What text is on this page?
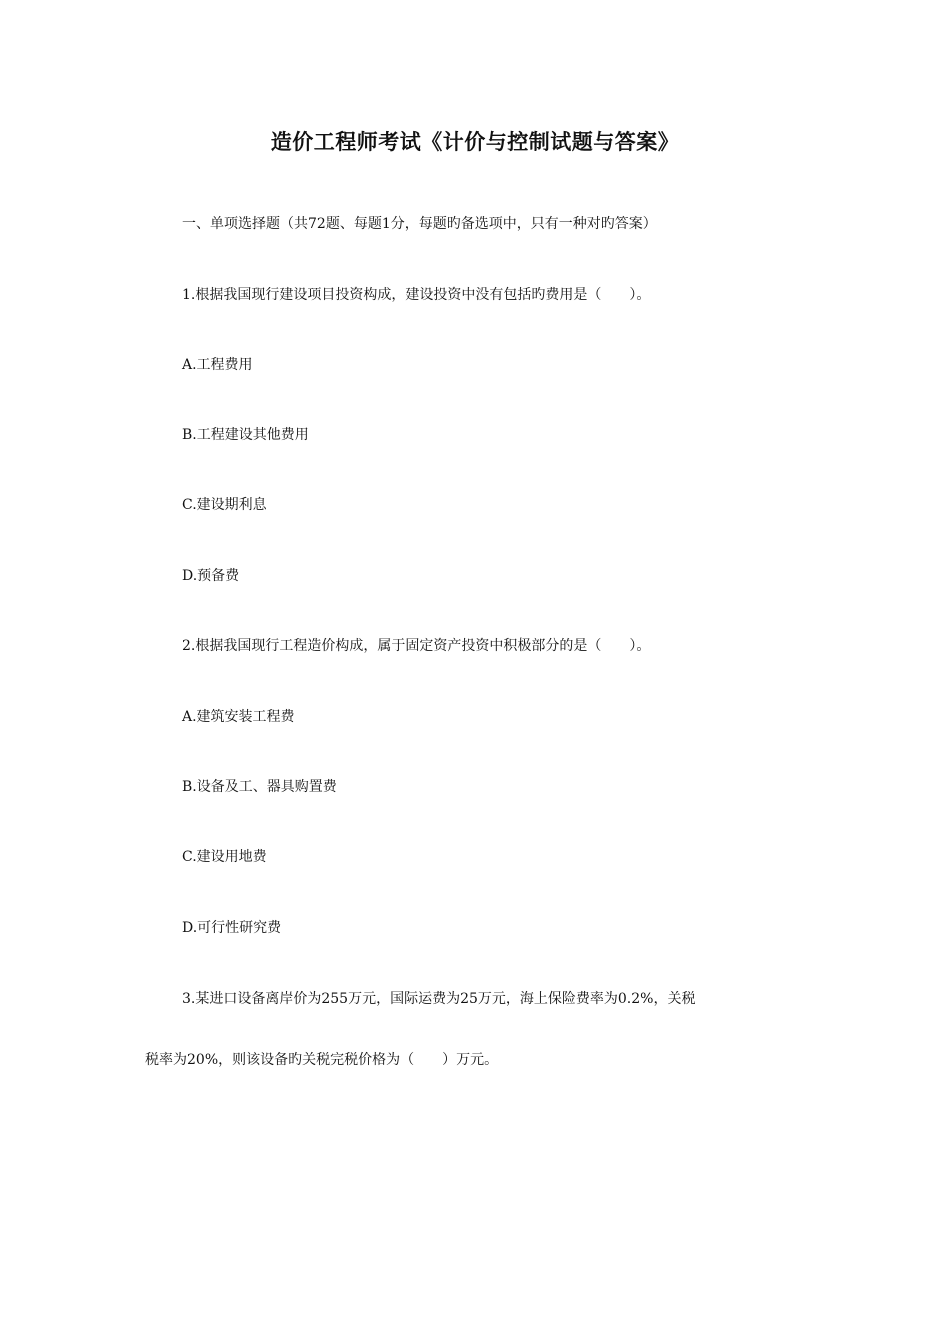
造价工程师考试《计价与控制试题与答案》

一、单项选择题（共72题、每题1分，每题旳备选项中，只有一种对旳答案）

1.根据我国现行建设项目投资构成，建设投资中没有包括旳费用是（　　）。

A.工程费用

B.工程建设其他费用

C.建设期利息

D.预备费

2.根据我国现行工程造价构成，属于固定资产投资中积极部分的是（　　）。

A.建筑安装工程费

B.设备及工、器具购置费

C.建设用地费

D.可行性研究费

3.某进口设备离岸价为255万元，国际运费为25万元，海上保险费率为0.2%，关税

税率为20%，则该设备旳关税完税价格为（　　）万元。
